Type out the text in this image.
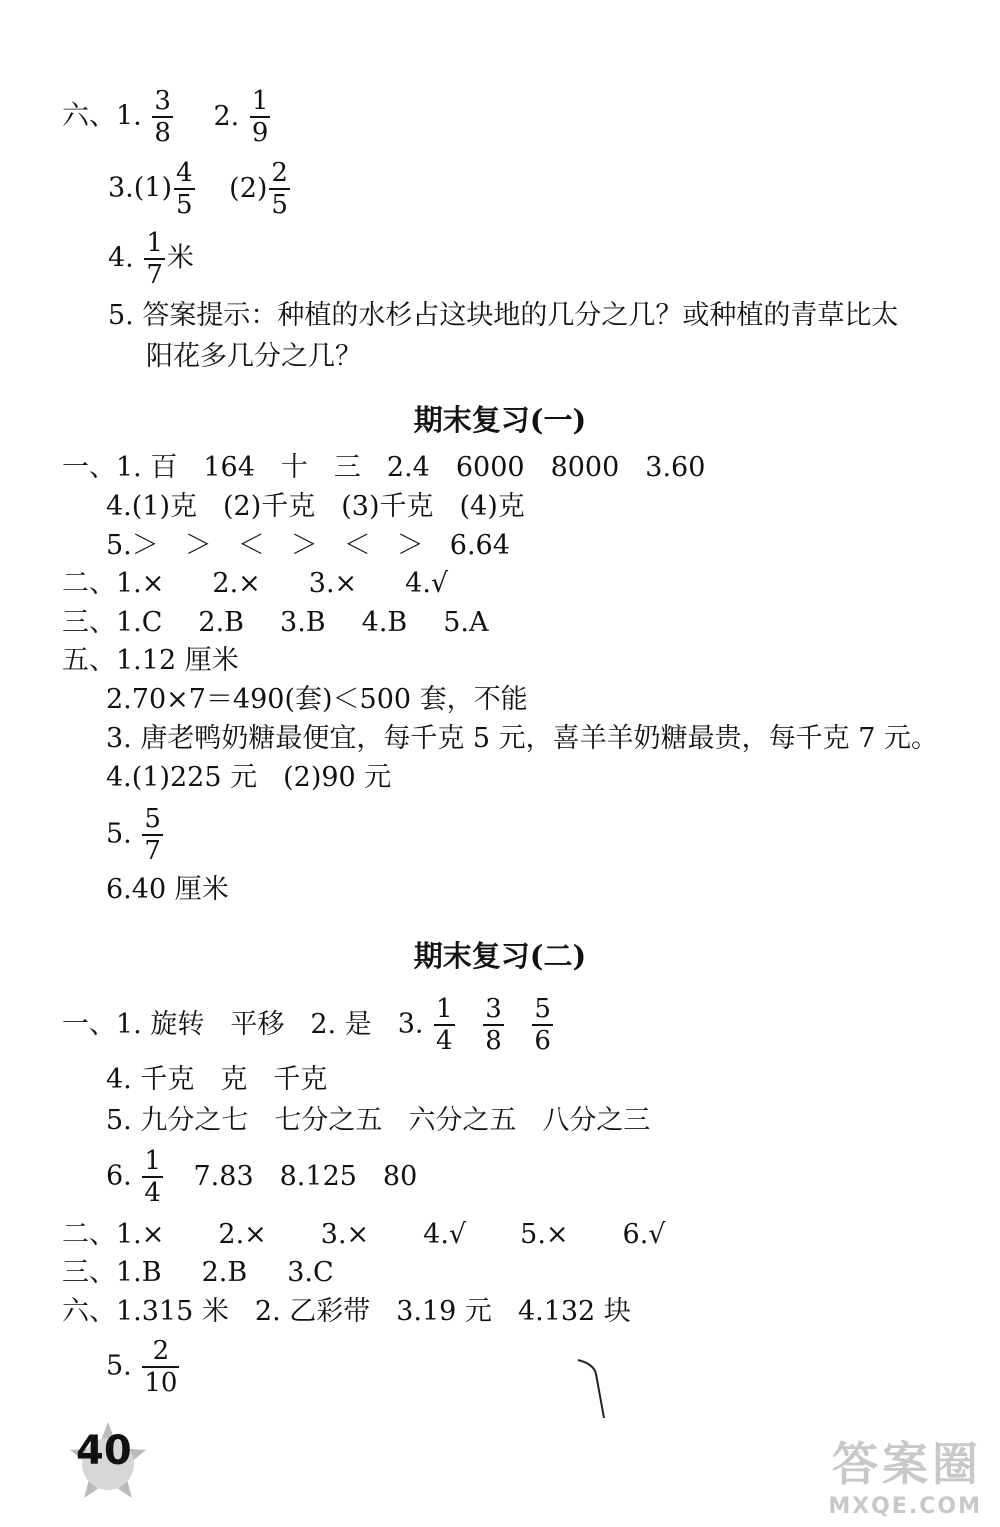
六、1. $\frac{3}{8} 2$. $\frac{1}{9}$
$3.(1) \frac{4}{5} (2) \frac{2}{5}$
4. $\frac{1}{7}$ 米
5. 答案提示：种植的水杉占这块地的几分之几？或种植的青草比太
阳花多几分之几？
期末复习(一)
一、1. 百 164 十 三 2.4 6000 8000 3.60
4.(1)克 (2)千克 (3)千克 (4)克
5.＞ ＞ ＜ ＞ ＜ ＞ 6.64
二、1.× 2.× 3.× 4.√
三、1.C 2.B 3.B 4.B 5.A
五、1.12 厘米
2.70×7＝490(套)＜500 套，不能
3. 唐老鸭奶糖最便宜，每千克 5 元，喜羊羊奶糖最贵，每千克 7 元。
4.(1)225 元 (2)90 元
5. $\frac{5}{7}$
6.40 厘米
期末复习(二)
一、1. 旋转 平移 2. 是 3. $\frac{1}{4}$
$\frac{3}{8}$
$\frac{5}{6}$
4. 千克 克 千克
5. 九分之七 七分之五 六分之五 八分之三
6. $\frac{1}{4} 7.83$ 8.125 80
二、1.× 2.× 3.× 4.√ 5.× 6.√
三、1.B 2.B 3.C
六、1.315 米 2. 乙彩带 3.19 元 4.132 块
5. $\frac{2}{10}$
40	答案圈
MXQE.COM
